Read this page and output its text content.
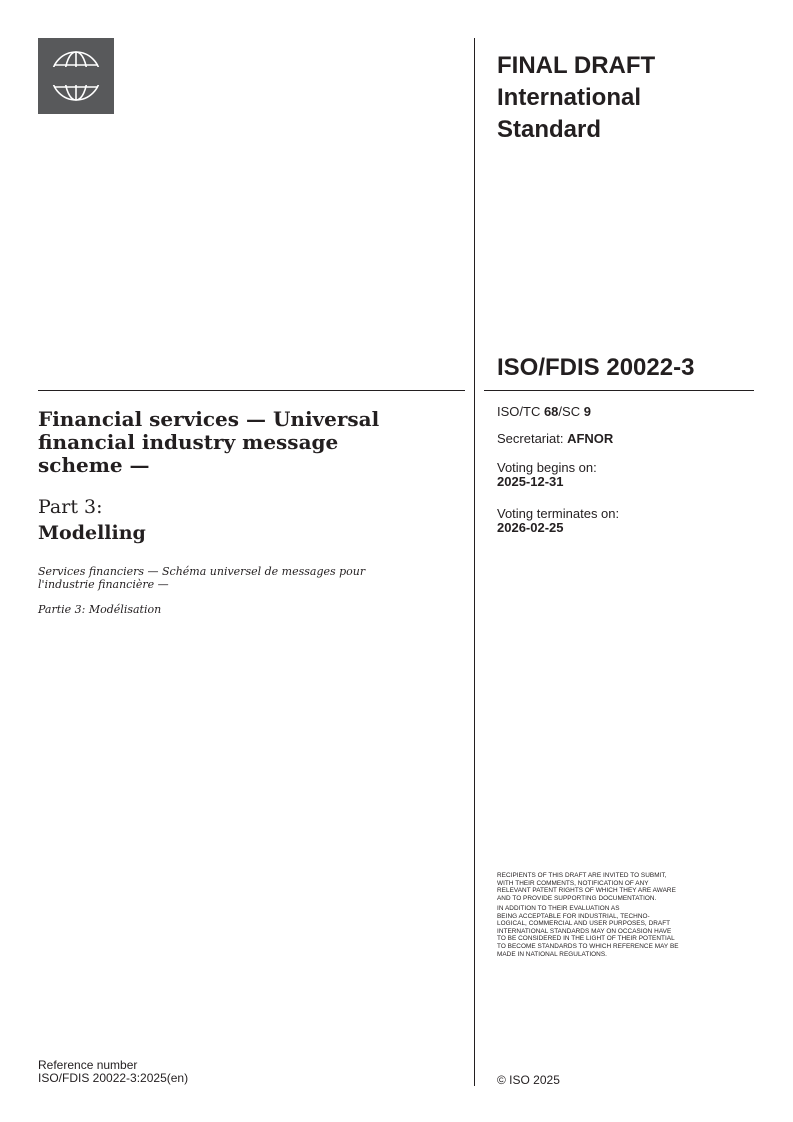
FINAL DRAFT
International
Standard
ISO/FDIS 20022-3
ISO/TC 68/SC 9
Secretariat: AFNOR
Voting begins on:
2025-12-31
Voting terminates on:
2026-02-25
Financial services — Universal
financial industry message
scheme —
Part 3:
Modelling
Services financiers — Schéma universel de messages pour
l'industrie financière —
Partie 3: Modélisation
RECIPIENTS OF THIS DRAFT ARE INVITED TO SUBMIT,
WITH THEIR COMMENTS, NOTIFICATION OF ANY
RELEVANT PATENT RIGHTS OF WHICH THEY ARE AWARE
AND TO PROVIDE SUPPORTING DOCUMENTATION.
IN ADDITION TO THEIR EVALUATION AS
BEING ACCEPTABLE FOR INDUSTRIAL, TECHNO-
LOGICAL, COMMERCIAL AND USER PURPOSES, DRAFT
INTERNATIONAL STANDARDS MAY ON OCCASION HAVE
TO BE CONSIDERED IN THE LIGHT OF THEIR POTENTIAL
TO BECOME STANDARDS TO WHICH REFERENCE MAY BE
MADE IN NATIONAL REGULATIONS.
Reference number
ISO/FDIS 20022-3:2025(en)	© ISO 2025
